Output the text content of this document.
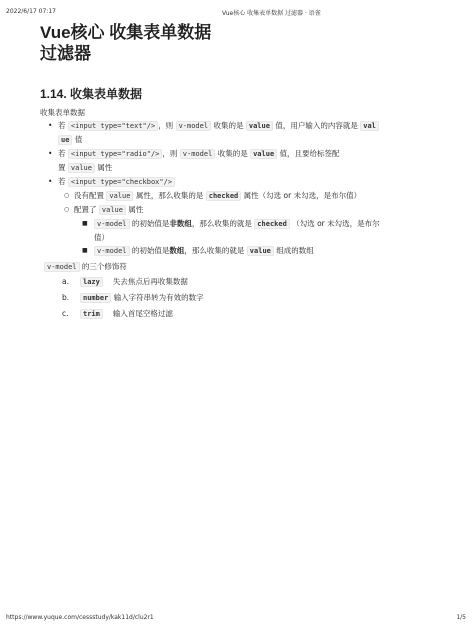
2022/6/17 07:17	Vue核心 收集表单数据 过滤器 · 语雀
Vue核心 收集表单数据
过滤器
1.14. 收集表单数据
收集表单数据
• 若 <input type="text"/> ，则 v-model 收集的是 value 值，用户输入的内容就是 val
ue 值
• 若 <input type="radio"/> ，则 v-model 收集的是 value 值，且要给标签配
置 value 属性
• 若 <input type="checkbox"/>
○ 没有配置 value 属性，那么收集的是 checked 属性（勾选 or 未勾选，是布尔值）
○ 配置了 value 属性
■ v-model 的初始值是非数组，那么收集的就是 checked （勾选 or 未勾选，是布尔
值）
■ v-model 的初始值是数组，那么收集的就是 value 组成的数组
v-model 的三个修饰符
a. lazy 失去焦点后再收集数据
b. number 输入字符串转为有效的数字
c. trim 输入首尾空格过滤
https://www.yuque.com/cessstudy/kak11d/clu2r1	1/5
